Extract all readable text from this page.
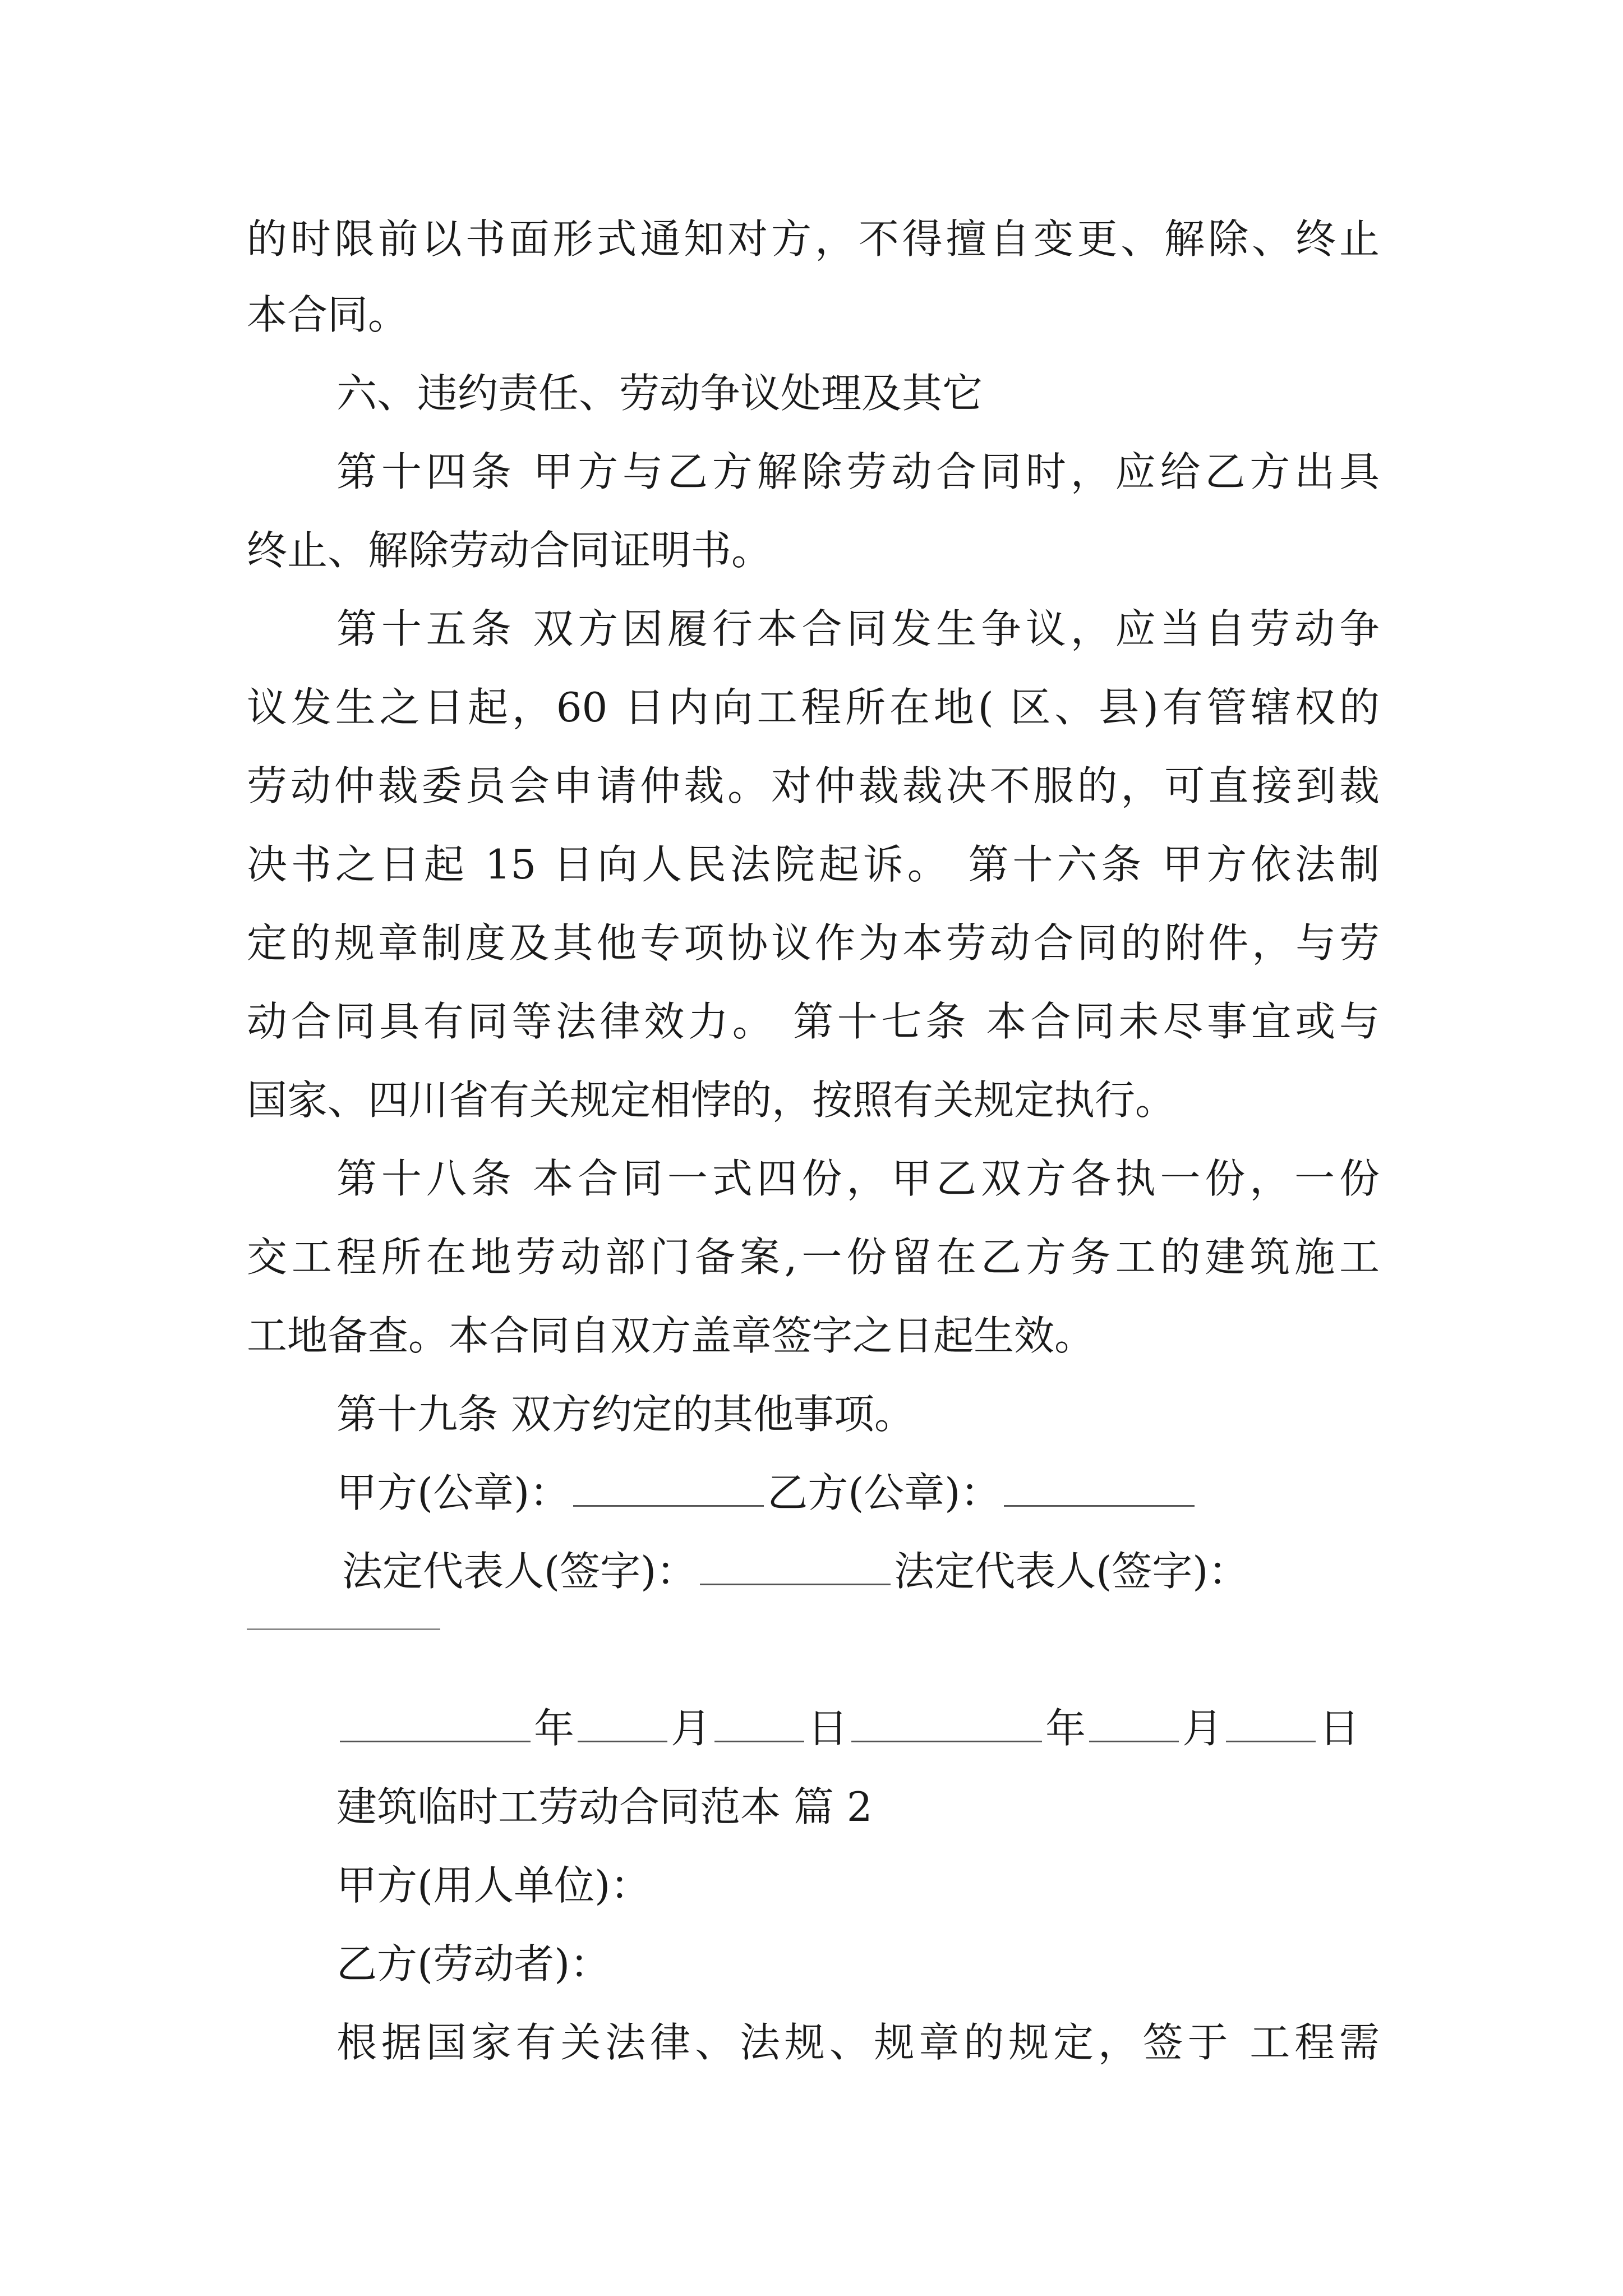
的时限前以书面形式通知对方，不得擅自变更、解除、终止
本合同。
六、违约责任、劳动争议处理及其它
第十四条 甲方与乙方解除劳动合同时，应给乙方出具
终止、解除劳动合同证明书。
第十五条 双方因履行本合同发生争议，应当自劳动争
议发生之日起，60 日内向工程所在地( 区、县)有管辖权的
劳动仲裁委员会申请仲裁。对仲裁裁决不服的，可直接到裁
决书之日起 15 日向人民法院起诉。 第十六条 甲方依法制
定的规章制度及其他专项协议作为本劳动合同的附件，与劳
动合同具有同等法律效力。 第十七条 本合同未尽事宜或与
国家、四川省有关规定相悖的，按照有关规定执行。
第十八条 本合同一式四份，甲乙双方各执一份，一份
交工程所在地劳动部门备案,一份留在乙方务工的建筑施工
工地备查。本合同自双方盖章签字之日起生效。
第十九条 双方约定的其他事项。
甲方(公章)：	乙方(公章)：
法定代表人(签字)：	法定代表人(签字)：
年 月 日	年 月 日
建筑临时工劳动合同范本 篇 2
甲方(用人单位)：
乙方(劳动者)：
根据国家有关法律、法规、规章的规定，签于 工程需
